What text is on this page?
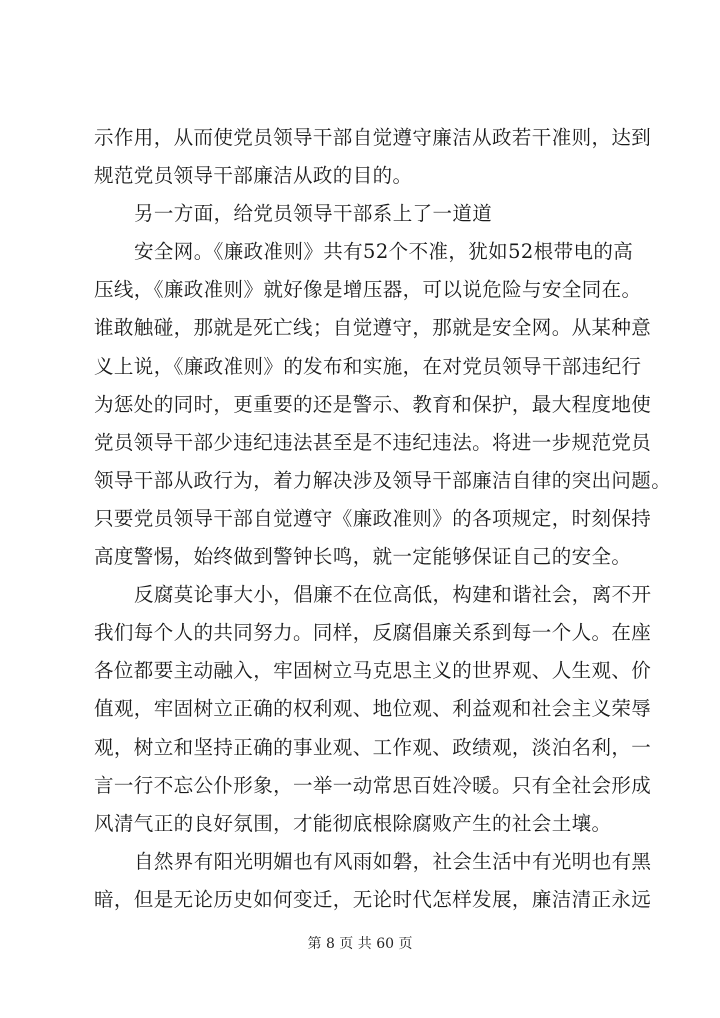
示作用，从而使党员领导干部自觉遵守廉洁从政若干准则，达到
规范党员领导干部廉洁从政的目的。
另一方面，给党员领导干部系上了一道道
安全网。《廉政准则》共有52个不准，犹如52根带电的高
压线，《廉政准则》就好像是增压器，可以说危险与安全同在。
谁敢触碰，那就是死亡线；自觉遵守，那就是安全网。从某种意
义上说，《廉政准则》的发布和实施，在对党员领导干部违纪行
为惩处的同时，更重要的还是警示、教育和保护，最大程度地使
党员领导干部少违纪违法甚至是不违纪违法。将进一步规范党员
领导干部从政行为，着力解决涉及领导干部廉洁自律的突出问题。
只要党员领导干部自觉遵守《廉政准则》的各项规定，时刻保持
高度警惕，始终做到警钟长鸣，就一定能够保证自己的安全。
反腐莫论事大小，倡廉不在位高低，构建和谐社会，离不开
我们每个人的共同努力。同样，反腐倡廉关系到每一个人。在座
各位都要主动融入，牢固树立马克思主义的世界观、人生观、价
值观，牢固树立正确的权利观、地位观、利益观和社会主义荣辱
观，树立和坚持正确的事业观、工作观、政绩观，淡泊名利，一
言一行不忘公仆形象，一举一动常思百姓冷暖。只有全社会形成
风清气正的良好氛围，才能彻底根除腐败产生的社会土壤。
自然界有阳光明媚也有风雨如磐，社会生活中有光明也有黑
暗，但是无论历史如何变迁，无论时代怎样发展，廉洁清正永远
第 8 页 共 60 页
